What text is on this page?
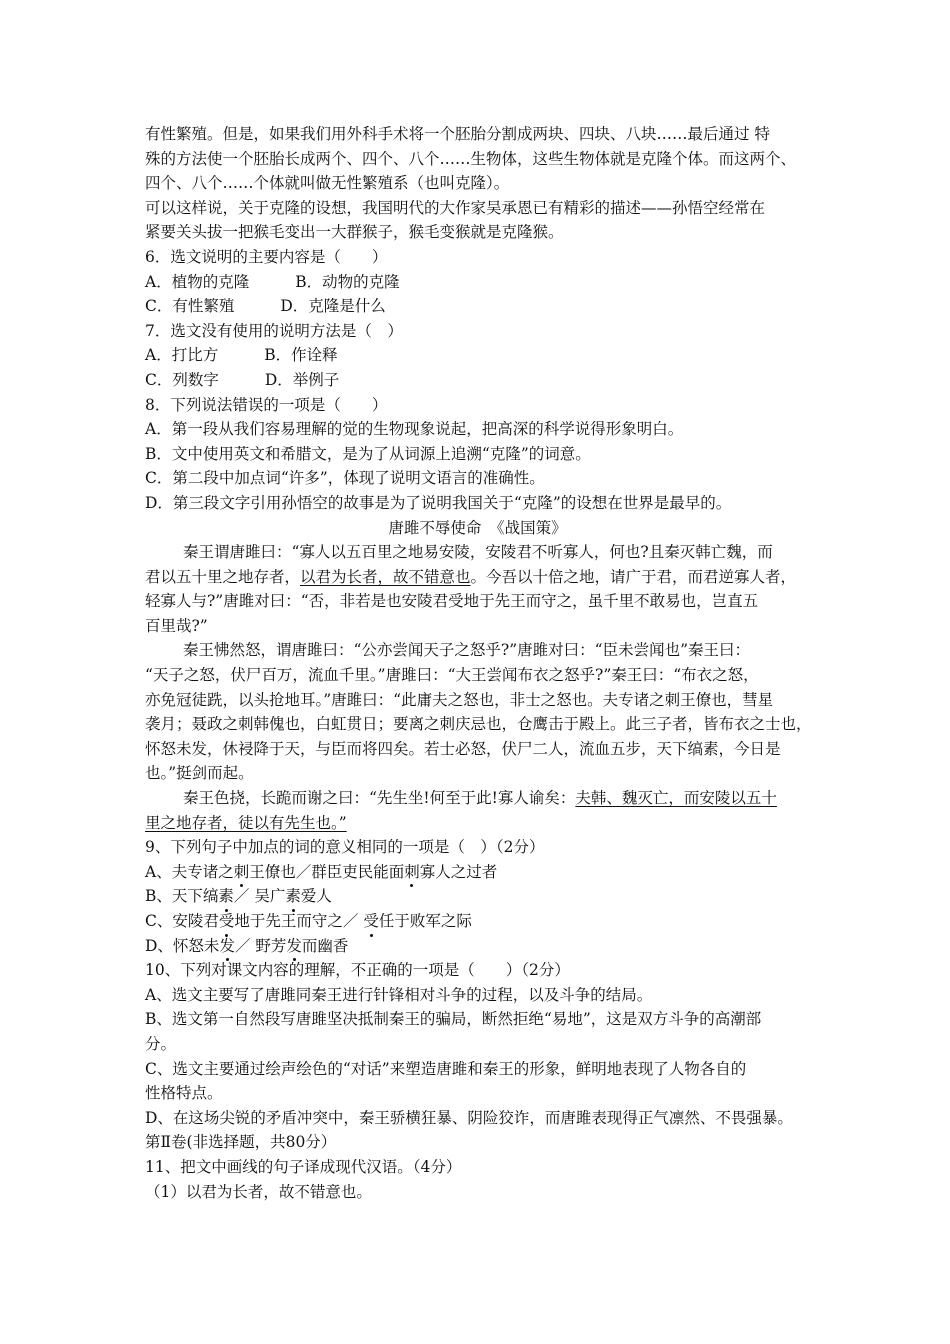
有性繁殖。但是，如果我们用外科手术将一个胚胎分割成两块、四块、八块……最后通过 特
殊的方法使一个胚胎长成两个、四个、八个……生物体，这些生物体就是克隆个体。而这两个、
四个、八个……个体就叫做无性繁殖系（也叫克隆）。
可以这样说，关于克隆的设想，我国明代的大作家吴承恩已有精彩的描述——孙悟空经常在
紧要关头拔一把猴毛变出一大群猴子，猴毛变猴就是克隆猴。
6．选文说明的主要内容是（　　）
A．植物的克隆	B．动物的克隆
C．有性繁殖	D．克隆是什么
7．选文没有使用的说明方法是（　）
A．打比方	B．作诠释
C．列数字	D．举例子
8．下列说法错误的一项是（　　）
A．第一段从我们容易理解的觉的生物现象说起，把高深的科学说得形象明白。
B．文中使用英文和希腊文，是为了从词源上追溯“克隆”的词意。
C．第二段中加点词“许多”，体现了说明文语言的准确性。
D．第三段文字引用孙悟空的故事是为了说明我国关于“克隆”的设想在世界是最早的。
唐雎不辱使命　《战国策》
秦王谓唐雎曰：“寡人以五百里之地易安陵，安陵君不听寡人，何也?且秦灭韩亡魏，而
君以五十里之地存者，以君为长者，故不错意也。今吾以十倍之地，请广于君，而君逆寡人者，
轻寡人与?”唐雎对曰：“否，非若是也安陵君受地于先王而守之，虽千里不敢易也，岂直五
百里哉?”
秦王怫然怒，谓唐雎曰：“公亦尝闻天子之怒乎?”唐雎对曰：“臣未尝闻也”秦王曰：
“天子之怒，伏尸百万，流血千里。”唐雎曰：“大王尝闻布衣之怒乎?”秦王曰：“布衣之怒，
亦免冠徒跣，以头抢地耳。”唐雎曰：“此庸夫之怒也，非士之怒也。夫专诸之刺王僚也，彗星
袭月；聂政之刺韩傀也，白虹贯日；要离之刺庆忌也，仓鹰击于殿上。此三子者，皆布衣之士也，
怀怒未发，休祲降于天，与臣而将四矣。若士必怒，伏尸二人，流血五步，天下缟素，今日是
也。”挺剑而起。
秦王色挠，长跪而谢之曰：“先生坐!何至于此!寡人谕矣：夫韩、魏灭亡，而安陵以五十
里之地存者，徒以有先生也。”
9、下列句子中加点的词的意义相同的一项是（　）（2分）
A、夫专诸之刺王僚也／群臣吏民能面刺寡人之过者
B、天下缟素／ 吴广素爱人
C、安陵君受地于先王而守之／ 受任于败军之际
D、怀怒未发／ 野芳发而幽香
10、下列对课文内容的理解，不正确的一项是（　　）（2分）
A、选文主要写了唐雎同秦王进行针锋相对斗争的过程，以及斗争的结局。
B、选文第一自然段写唐雎坚决抵制秦王的骗局，断然拒绝“易地”，这是双方斗争的高潮部
分。
C、选文主要通过绘声绘色的“对话”来塑造唐雎和秦王的形象，鲜明地表现了人物各自的
性格特点。
D、在这场尖锐的矛盾冲突中，秦王骄横狂暴、阴险狡诈，而唐雎表现得正气凛然、不畏强暴。
第Ⅱ卷(非选择题，共80分）
11、把文中画线的句子译成现代汉语。（4分）
（1）以君为长者，故不错意也。
